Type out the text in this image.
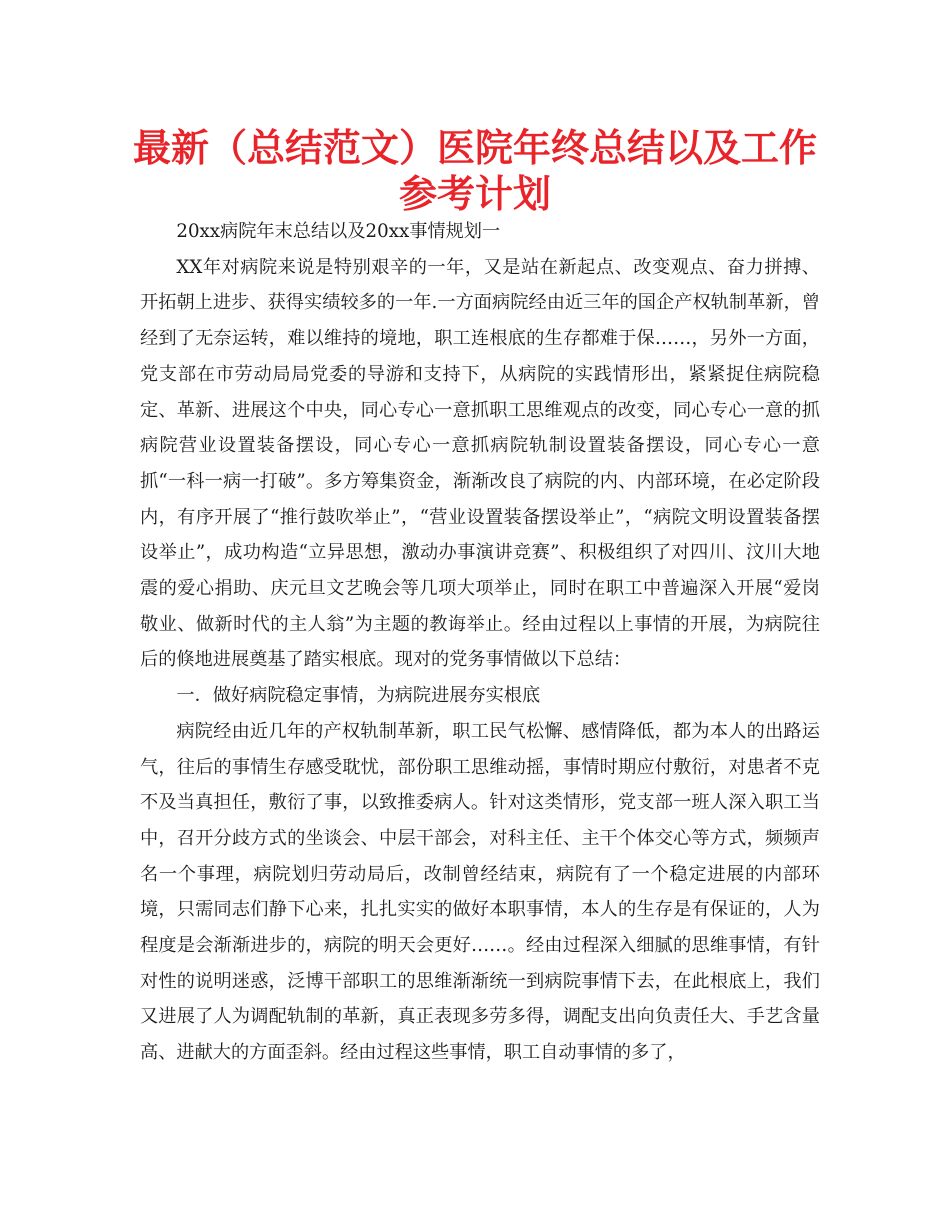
最新（总结范文）医院年终总结以及工作
参考计划

20xx病院年末总结以及20xx事情规划一

XX年对病院来说是特别艰辛的一年，又是站在新起点、改变观点、奋力拼搏、开拓朝上进步、获得实绩较多的一年.一方面病院经由近三年的国企产权轨制革新，曾经到了无奈运转，难以维持的境地，职工连根底的生存都难于保……，另外一方面，党支部在市劳动局局党委的导游和支持下，从病院的实践情形出，紧紧捉住病院稳定、革新、进展这个中央，同心专心一意抓职工思维观点的改变，同心专心一意的抓病院营业设置装备摆设，同心专心一意抓病院轨制设置装备摆设，同心专心一意抓“一科一病一打破”。多方筹集资金，渐渐改良了病院的内、内部环境，在必定阶段内，有序开展了“推行鼓吹举止”，“营业设置装备摆设举止”，“病院文明设置装备摆设举止”，成功构造“立异思想，激动办事演讲竞赛”、积极组织了对四川、汶川大地震的爱心捐助、庆元旦文艺晚会等几项大项举止，同时在职工中普遍深入开展“爱岗敬业、做新时代的主人翁”为主题的教诲举止。经由过程以上事情的开展，为病院往后的倏地进展奠基了踏实根底。现对的党务事情做以下总结：

一．做好病院稳定事情，为病院进展夯实根底

病院经由近几年的产权轨制革新，职工民气松懈、感情降低，都为本人的出路运气，往后的事情生存感受耽忧，部份职工思维动摇，事情时期应付敷衍，对患者不克不及当真担任，敷衍了事，以致推委病人。针对这类情形，党支部一班人深入职工当中，召开分歧方式的坐谈会、中层干部会，对科主任、主干个体交心等方式，频频声名一个事理，病院划归劳动局后，改制曾经结束，病院有了一个稳定进展的内部环境，只需同志们静下心来，扎扎实实的做好本职事情，本人的生存是有保证的，人为程度是会渐渐进步的，病院的明天会更好……。经由过程深入细腻的思维事情，有针对性的说明迷惑，泛博干部职工的思维渐渐统一到病院事情下去，在此根底上，我们又进展了人为调配轨制的革新，真正表现多劳多得，调配支出向负责任大、手艺含量高、进献大的方面歪斜。经由过程这些事情，职工自动事情的多了，
